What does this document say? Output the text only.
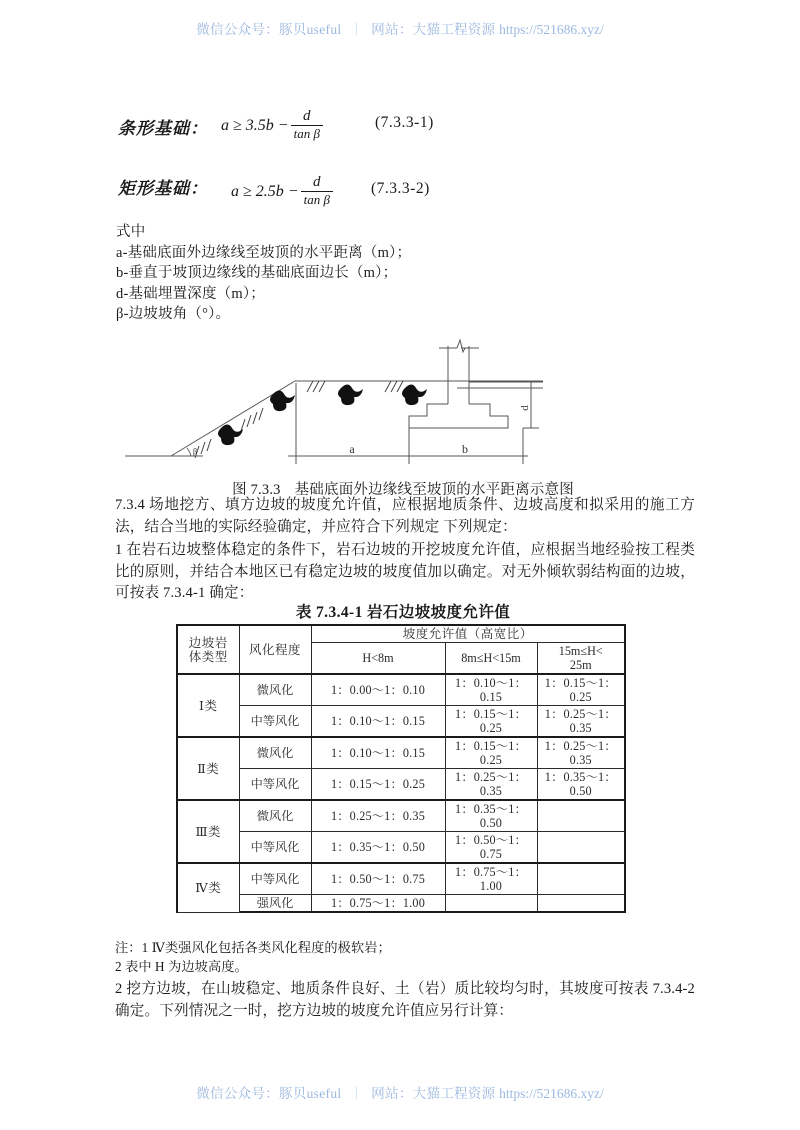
微信公众号：豚贝useful ｜ 网站：大猫工程资源 https://521686.xyz/
条形基础： $a \ge 3.5b - \frac{d}{\text{tan β}}$	(7.3.3-1)
矩形基础： $a \ge 2.5b - \frac{d}{\text{tan β}} (7.3.3-2)$
式中
a-基础底面外边缘线至坡顶的水平距离（m）；
b-垂直于坡顶边缘线的基础底面边长（m）；
d-基础埋置深度（m）；
β-边坡坡角（°）。
d
a	b
β
图 7.3.3 基础底面外边缘线至坡顶的水平距离示意图
7.3.4 场地挖方、填方边坡的坡度允许值，应根据地质条件、边坡高度和拟采用的施工方法，结合当地的实际经验确定，并应符合下列规定 下列规定：
1 在岩石边坡整体稳定的条件下，岩石边坡的开挖坡度允许值，应根据当地经验按工程类比的原则，并结合本地区已有稳定边坡的坡度值加以确定。对无外倾软弱结构面的边坡，可按表 7.3.4-1 确定：
表 7.3.4-1 岩石边坡坡度允许值
边坡岩
体类型	风化程度	坡度允许值（高宽比）		
		H<8m	8m≤H<15m	15m≤H<
25m
Ⅰ类	微风化	1：0.00～1：0.10	1：0.10～1：
0.15	1：0.15～1：
0.25
	中等风化	1：0.10～1：0.15	1：0.15～1：
0.25	1：0.25～1：
0.35
Ⅱ类	微风化	1：0.10～1：0.15	1：0.15～1：
0.25	1：0.25～1：
0.35
	中等风化	1：0.15～1：0.25	1：0.25～1：
0.35	1：0.35～1：
0.50
Ⅲ类	微风化	1：0.25～1：0.35	1：0.35～1：
0.50	
	中等风化	1：0.35～1：0.50	1：0.50～1：
0.75	
Ⅳ类	中等风化	1：0.50～1：0.75	1：0.75～1：
1.00	
	强风化	1：0.75～1：1.00		
注：1 Ⅳ类强风化包括各类风化程度的极软岩；
2 表中 H 为边坡高度。
2 挖方边坡，在山坡稳定、地质条件良好、土（岩）质比较均匀时，其坡度可按表 7.3.4-2 确定。下列情况之一时，挖方边坡的坡度允许值应另行计算：
微信公众号：豚贝useful ｜ 网站：大猫工程资源 https://521686.xyz/
